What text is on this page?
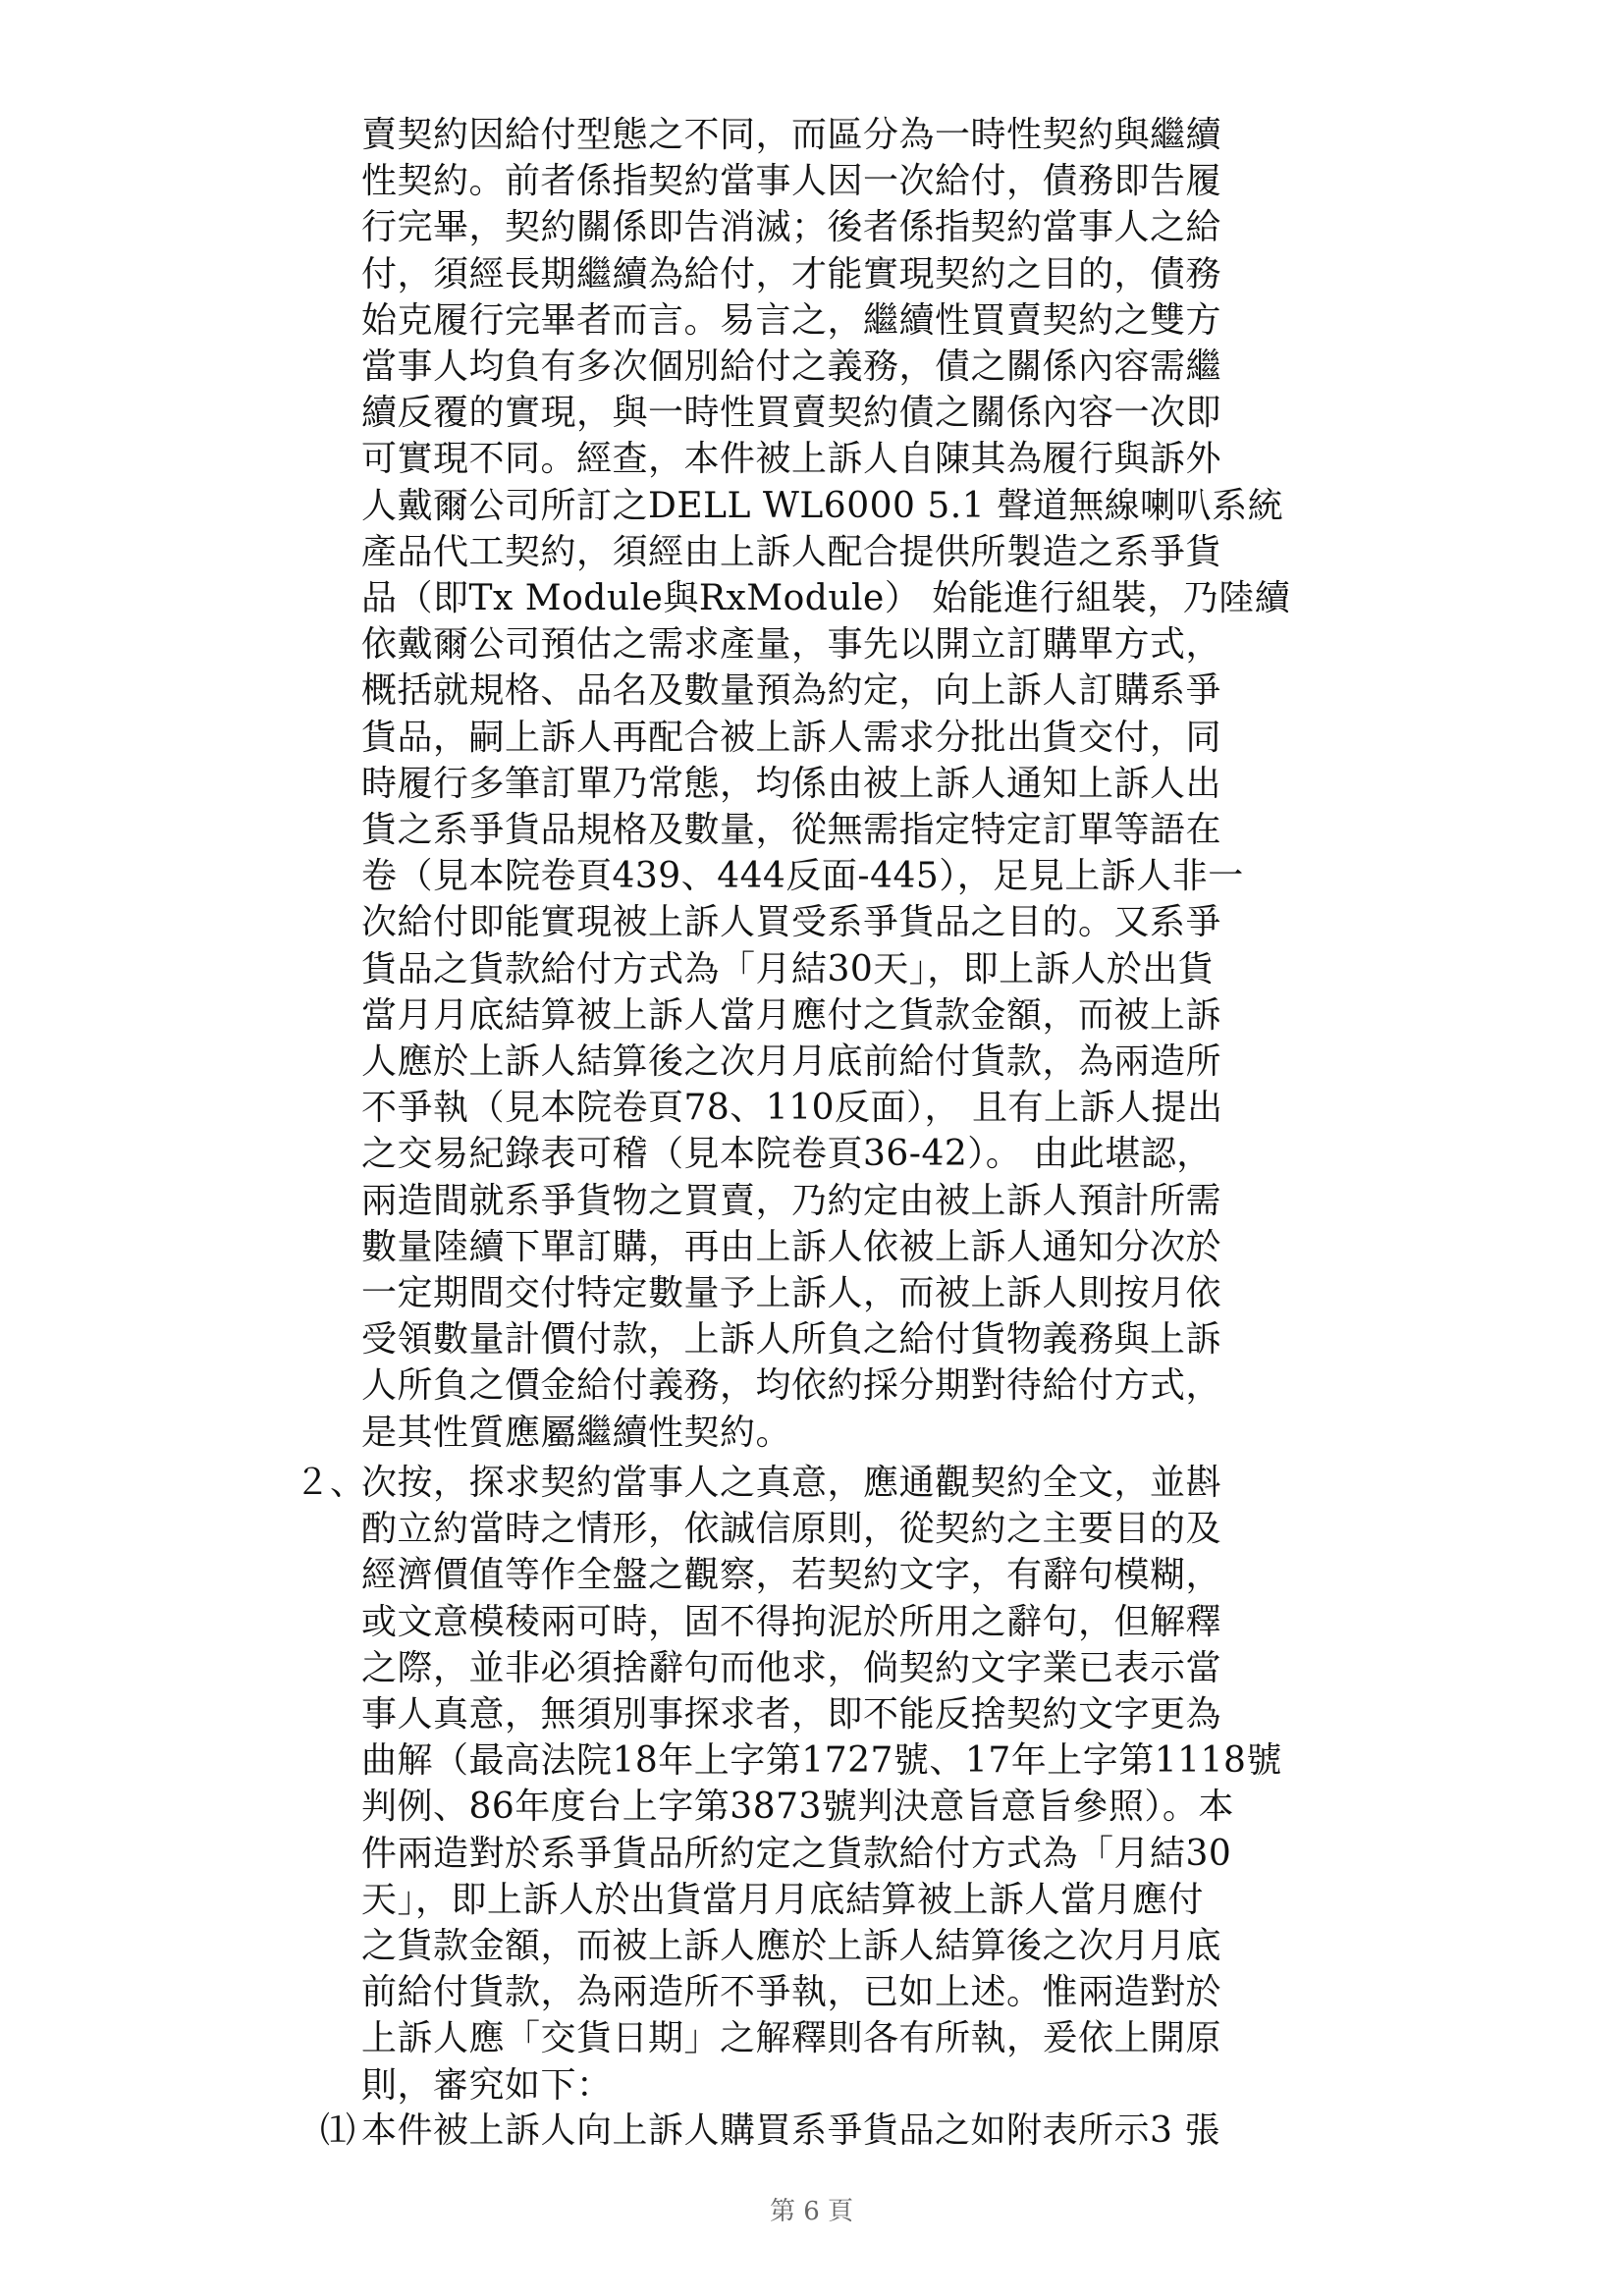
賣契約因給付型態之不同，而區分為一時性契約與繼續
性契約。前者係指契約當事人因一次給付，債務即告履
行完畢，契約關係即告消滅；後者係指契約當事人之給
付，須經長期繼續為給付，才能實現契約之目的，債務
始克履行完畢者而言。易言之，繼續性買賣契約之雙方
當事人均負有多次個別給付之義務，債之關係內容需繼
續反覆的實現，與一時性買賣契約債之關係內容一次即
可實現不同。經查，本件被上訴人自陳其為履行與訴外
人戴爾公司所訂之DELL WL6000 5.1 聲道無線喇叭系統
產品代工契約，須經由上訴人配合提供所製造之系爭貨
品（即Tx Module與RxModule） 始能進行組裝，乃陸續
依戴爾公司預估之需求產量，事先以開立訂購單方式，
概括就規格、品名及數量預為約定，向上訴人訂購系爭
貨品，嗣上訴人再配合被上訴人需求分批出貨交付，同
時履行多筆訂單乃常態，均係由被上訴人通知上訴人出
貨之系爭貨品規格及數量，從無需指定特定訂單等語在
卷（見本院卷頁439、444反面-445），足見上訴人非一
次給付即能實現被上訴人買受系爭貨品之目的。又系爭
貨品之貨款給付方式為「月結30天」，即上訴人於出貨
當月月底結算被上訴人當月應付之貨款金額，而被上訴
人應於上訴人結算後之次月月底前給付貨款，為兩造所
不爭執（見本院卷頁78、110反面）， 且有上訴人提出
之交易紀錄表可稽（見本院卷頁36-42）。 由此堪認，
兩造間就系爭貨物之買賣，乃約定由被上訴人預計所需
數量陸續下單訂購，再由上訴人依被上訴人通知分次於
一定期間交付特定數量予上訴人，而被上訴人則按月依
受領數量計價付款，上訴人所負之給付貨物義務與上訴
人所負之價金給付義務，均依約採分期對待給付方式，
是其性質應屬繼續性契約。
２、
次按，探求契約當事人之真意，應通觀契約全文，並斟
酌立約當時之情形，依誠信原則，從契約之主要目的及
經濟價值等作全盤之觀察，若契約文字，有辭句模糊，
或文意模稜兩可時，固不得拘泥於所用之辭句，但解釋
之際，並非必須捨辭句而他求，倘契約文字業已表示當
事人真意，無須別事探求者，即不能反捨契約文字更為
曲解（最高法院18年上字第1727號、17年上字第1118號
判例、86年度台上字第3873號判決意旨意旨參照）。本
件兩造對於系爭貨品所約定之貨款給付方式為「月結30
天」，即上訴人於出貨當月月底結算被上訴人當月應付
之貨款金額，而被上訴人應於上訴人結算後之次月月底
前給付貨款，為兩造所不爭執，已如上述。惟兩造對於
上訴人應「交貨日期」之解釋則各有所執，爰依上開原
則，審究如下：
⑴ 本件被上訴人向上訴人購買系爭貨品之如附表所示3 張
第 6 頁
